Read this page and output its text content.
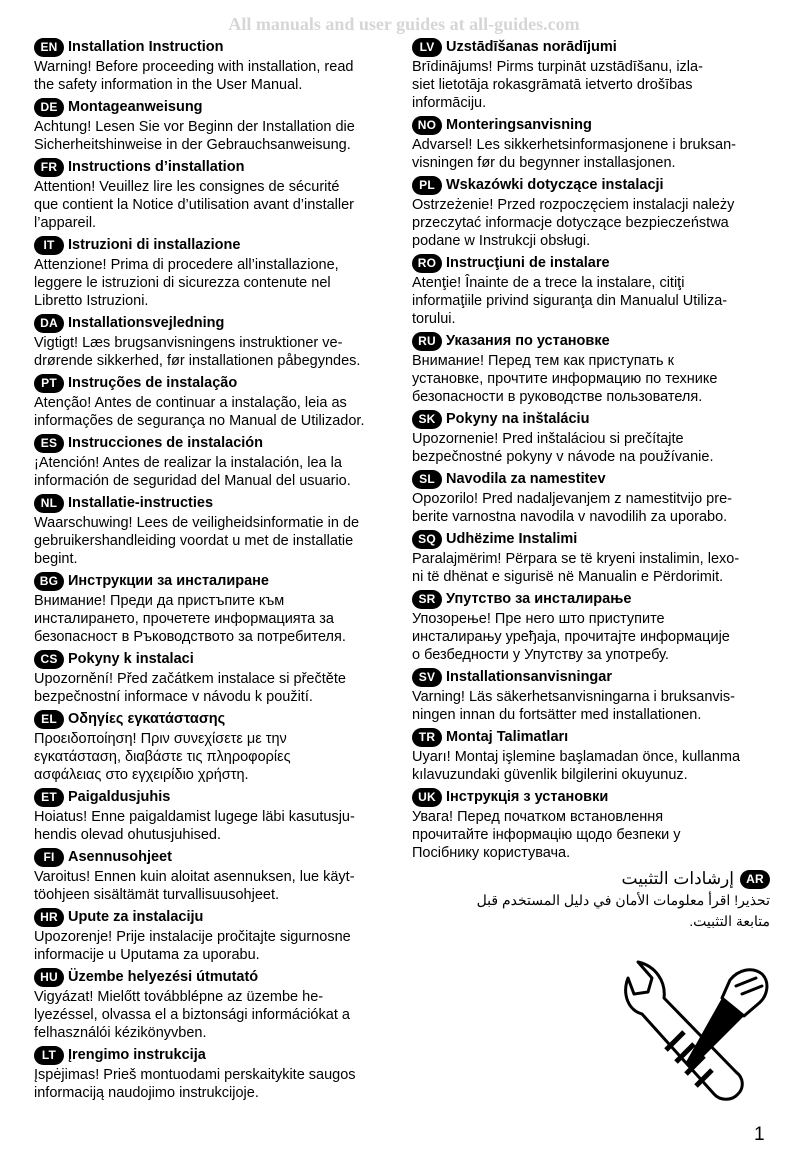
All manuals and user guides at all-guides.com
EN Installation Instruction
Warning! Before proceeding with installation, read
the safety information in the User Manual.
DE Montageanweisung
Achtung! Lesen Sie vor Beginn der Installation die
Sicherheitshinweise in der Gebrauchsanweisung.
FR Instructions d’installation
Attention! Veuillez lire les consignes de sécurité
que contient la Notice d’utilisation avant d’installer
l’appareil.
IT Istruzioni di installazione
Attenzione! Prima di procedere all’installazione,
leggere le istruzioni di sicurezza contenute nel
Libretto Istruzioni.
DA Installationsvejledning
Vigtigt! Læs brugsanvisningens instruktioner ve-
drørende sikkerhed, før installationen påbegyndes.
PT Instruções de instalação
Atenção! Antes de continuar a instalação, leia as
informações de segurança no Manual de Utilizador.
ES Instrucciones de instalación
¡Atención! Antes de realizar la instalación, lea la
información de seguridad del Manual del usuario.
NL Installatie-instructies
Waarschuwing! Lees de veiligheidsinformatie in de
gebruikershandleiding voordat u met de installatie
begint.
BG Инструкции за инсталиране
Внимание! Преди да пристъпите към
инсталирането, прочетете информацията за
безопасност в Ръководството за потребителя.
CS Pokyny k instalaci
Upozornění! Před začátkem instalace si přečtěte
bezpečnostní informace v návodu k použití.
EL Οδηγίες εγκατάστασης
Προειδοποίηση! Πριν συνεχίσετε με την
εγκατάσταση, διαβάστε τις πληροφορίες
ασφάλειας στο εγχειρίδιο χρήστη.
ET Paigaldusjuhis
Hoiatus! Enne paigaldamist lugege läbi kasutusju-
hendis olevad ohutusjuhised.
FI Asennusohjeet
Varoitus! Ennen kuin aloitat asennuksen, lue käyt-
töohjeen sisältämät turvallisuusohjeet.
HR Upute za instalaciju
Upozorenje! Prije instalacije pročitajte sigurnosne
informacije u Uputama za uporabu.
HU Üzembe helyezési útmutató
Vigyázat! Mielőtt továbblépne az üzembe he-
lyezéssel, olvassa el a biztonsági információkat a
felhasználói kézikönyvben.
LT Įrengimo instrukcija
Įspėjimas! Prieš montuodami perskaitykite saugos
informaciją naudojimo instrukcijoje.
LV Uzstādīšanas norādījumi
Brīdinājums! Pirms turpināt uzstādīšanu, izla-
siet lietotāja rokasgrāmatā ietverto drošības
informāciju.
NO Monteringsanvisning
Advarsel! Les sikkerhetsinformasjonene i bruksan-
visningen før du begynner installasjonen.
PL Wskazówki dotyczące instalacji
Ostrzeżenie! Przed rozpoczęciem instalacji należy
przeczytać informacje dotyczące bezpieczeństwa
podane w Instrukcji obsługi.
RO Instrucţiuni de instalare
Atenţie! Înainte de a trece la instalare, citiţi
informaţiile privind siguranţa din Manualul Utiliza-
torului.
RU Указания по установке
Внимание! Перед тем как приступать к
установке, прочтите информацию по технике
безопасности в руководстве пользователя.
SK Pokyny na inštaláciu
Upozornenie! Pred inštaláciou si prečítajte
bezpečnostné pokyny v návode na používanie.
SL Navodila za namestitev
Opozorilo! Pred nadaljevanjem z namestitvijo pre-
berite varnostna navodila v navodilih za uporabo.
SQ Udhëzime Instalimi
Paralajmërim! Përpara se të kryeni instalimin, lexo-
ni të dhënat e sigurisë në Manualin e Përdorimit.
SR Упутство за инсталирање
Упозорење! Пре него што приступите
инсталирању уређаја, прочитајте информације
о безбедности у Упутству за употребу.
SV Installationsanvisningar
Varning! Läs säkerhetsanvisningarna i bruksanvis-
ningen innan du fortsätter med installationen.
TR Montaj Talimatları
Uyarı! Montaj işlemine başlamadan önce, kullanma
kılavuzundaki güvenlik bilgilerini okuyunuz.
UK Інструкція з установки
Увага! Перед початком встановлення
прочитайте інформацію щодо безпеки у
Посібнику користувача.
AR
إرشادات التثبيت
تحذير! اقرأ معلومات الأمان في دليل المستخدم قبل
متابعة التثبيت.
1
